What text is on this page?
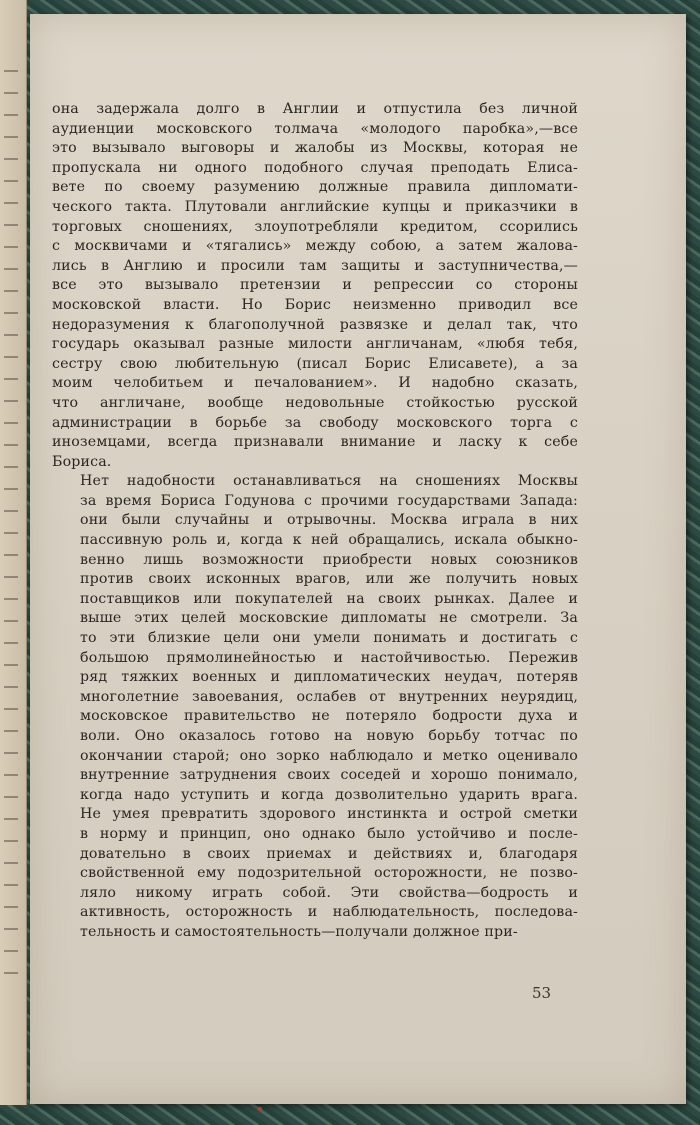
она задержала долго в Англии и отпустила без личной
аудиенции московского толмача «молодого паробка»,—все
это вызывало выговоры и жалобы из Москвы, которая не
пропускала ни одного подобного случая преподать Елиса-
вете по своему разумению должные правила дипломати-
ческого такта. Плутовали английские купцы и приказчики в
торговых сношениях, злоупотребляли кредитом, ссорились
с москвичами и «тягались» между собою, а затем жалова-
лись в Англию и просили там защиты и заступничества,—
все это вызывало претензии и репрессии со стороны
московской власти. Но Борис неизменно приводил все
недоразумения к благополучной развязке и делал так, что
государь оказывал разные милости англичанам, «любя тебя,
сестру свою любительную (писал Борис Елисавете), а за
моим челобитьем и печалованием». И надобно сказать,
что англичане, вообще недовольные стойкостью русской
администрации в борьбе за свободу московского торга с
иноземцами, всегда признавали внимание и ласку к себе
Бориса.

Нет надобности останавливаться на сношениях Москвы
за время Бориса Годунова с прочими государствами Запада:
они были случайны и отрывочны. Москва играла в них
пассивную роль и, когда к ней обращались, искала обыкно-
венно лишь возможности приобрести новых союзников
против своих исконных врагов, или же получить новых
поставщиков или покупателей на своих рынках. Далее и
выше этих целей московские дипломаты не смотрели. За
то эти близкие цели они умели понимать и достигать с
большою прямолинейностью и настойчивостью. Пережив
ряд тяжких военных и дипломатических неудач, потеряв
многолетние завоевания, ослабев от внутренних неурядиц,
московское правительство не потеряло бодрости духа и
воли. Оно оказалось готово на новую борьбу тотчас по
окончании старой; оно зорко наблюдало и метко оценивало
внутренние затруднения своих соседей и хорошо понимало,
когда надо уступить и когда дозволительно ударить врага.
Не умея превратить здорового инстинкта и острой сметки
в норму и принцип, оно однако было устойчиво и после-
довательно в своих приемах и действиях и, благодаря
свойственной ему подозрительной осторожности, не позво-
ляло никому играть собой. Эти свойства—бодрость и
активность, осторожность и наблюдательность, последова-
тельность и самостоятельность—получали должное при-

53
